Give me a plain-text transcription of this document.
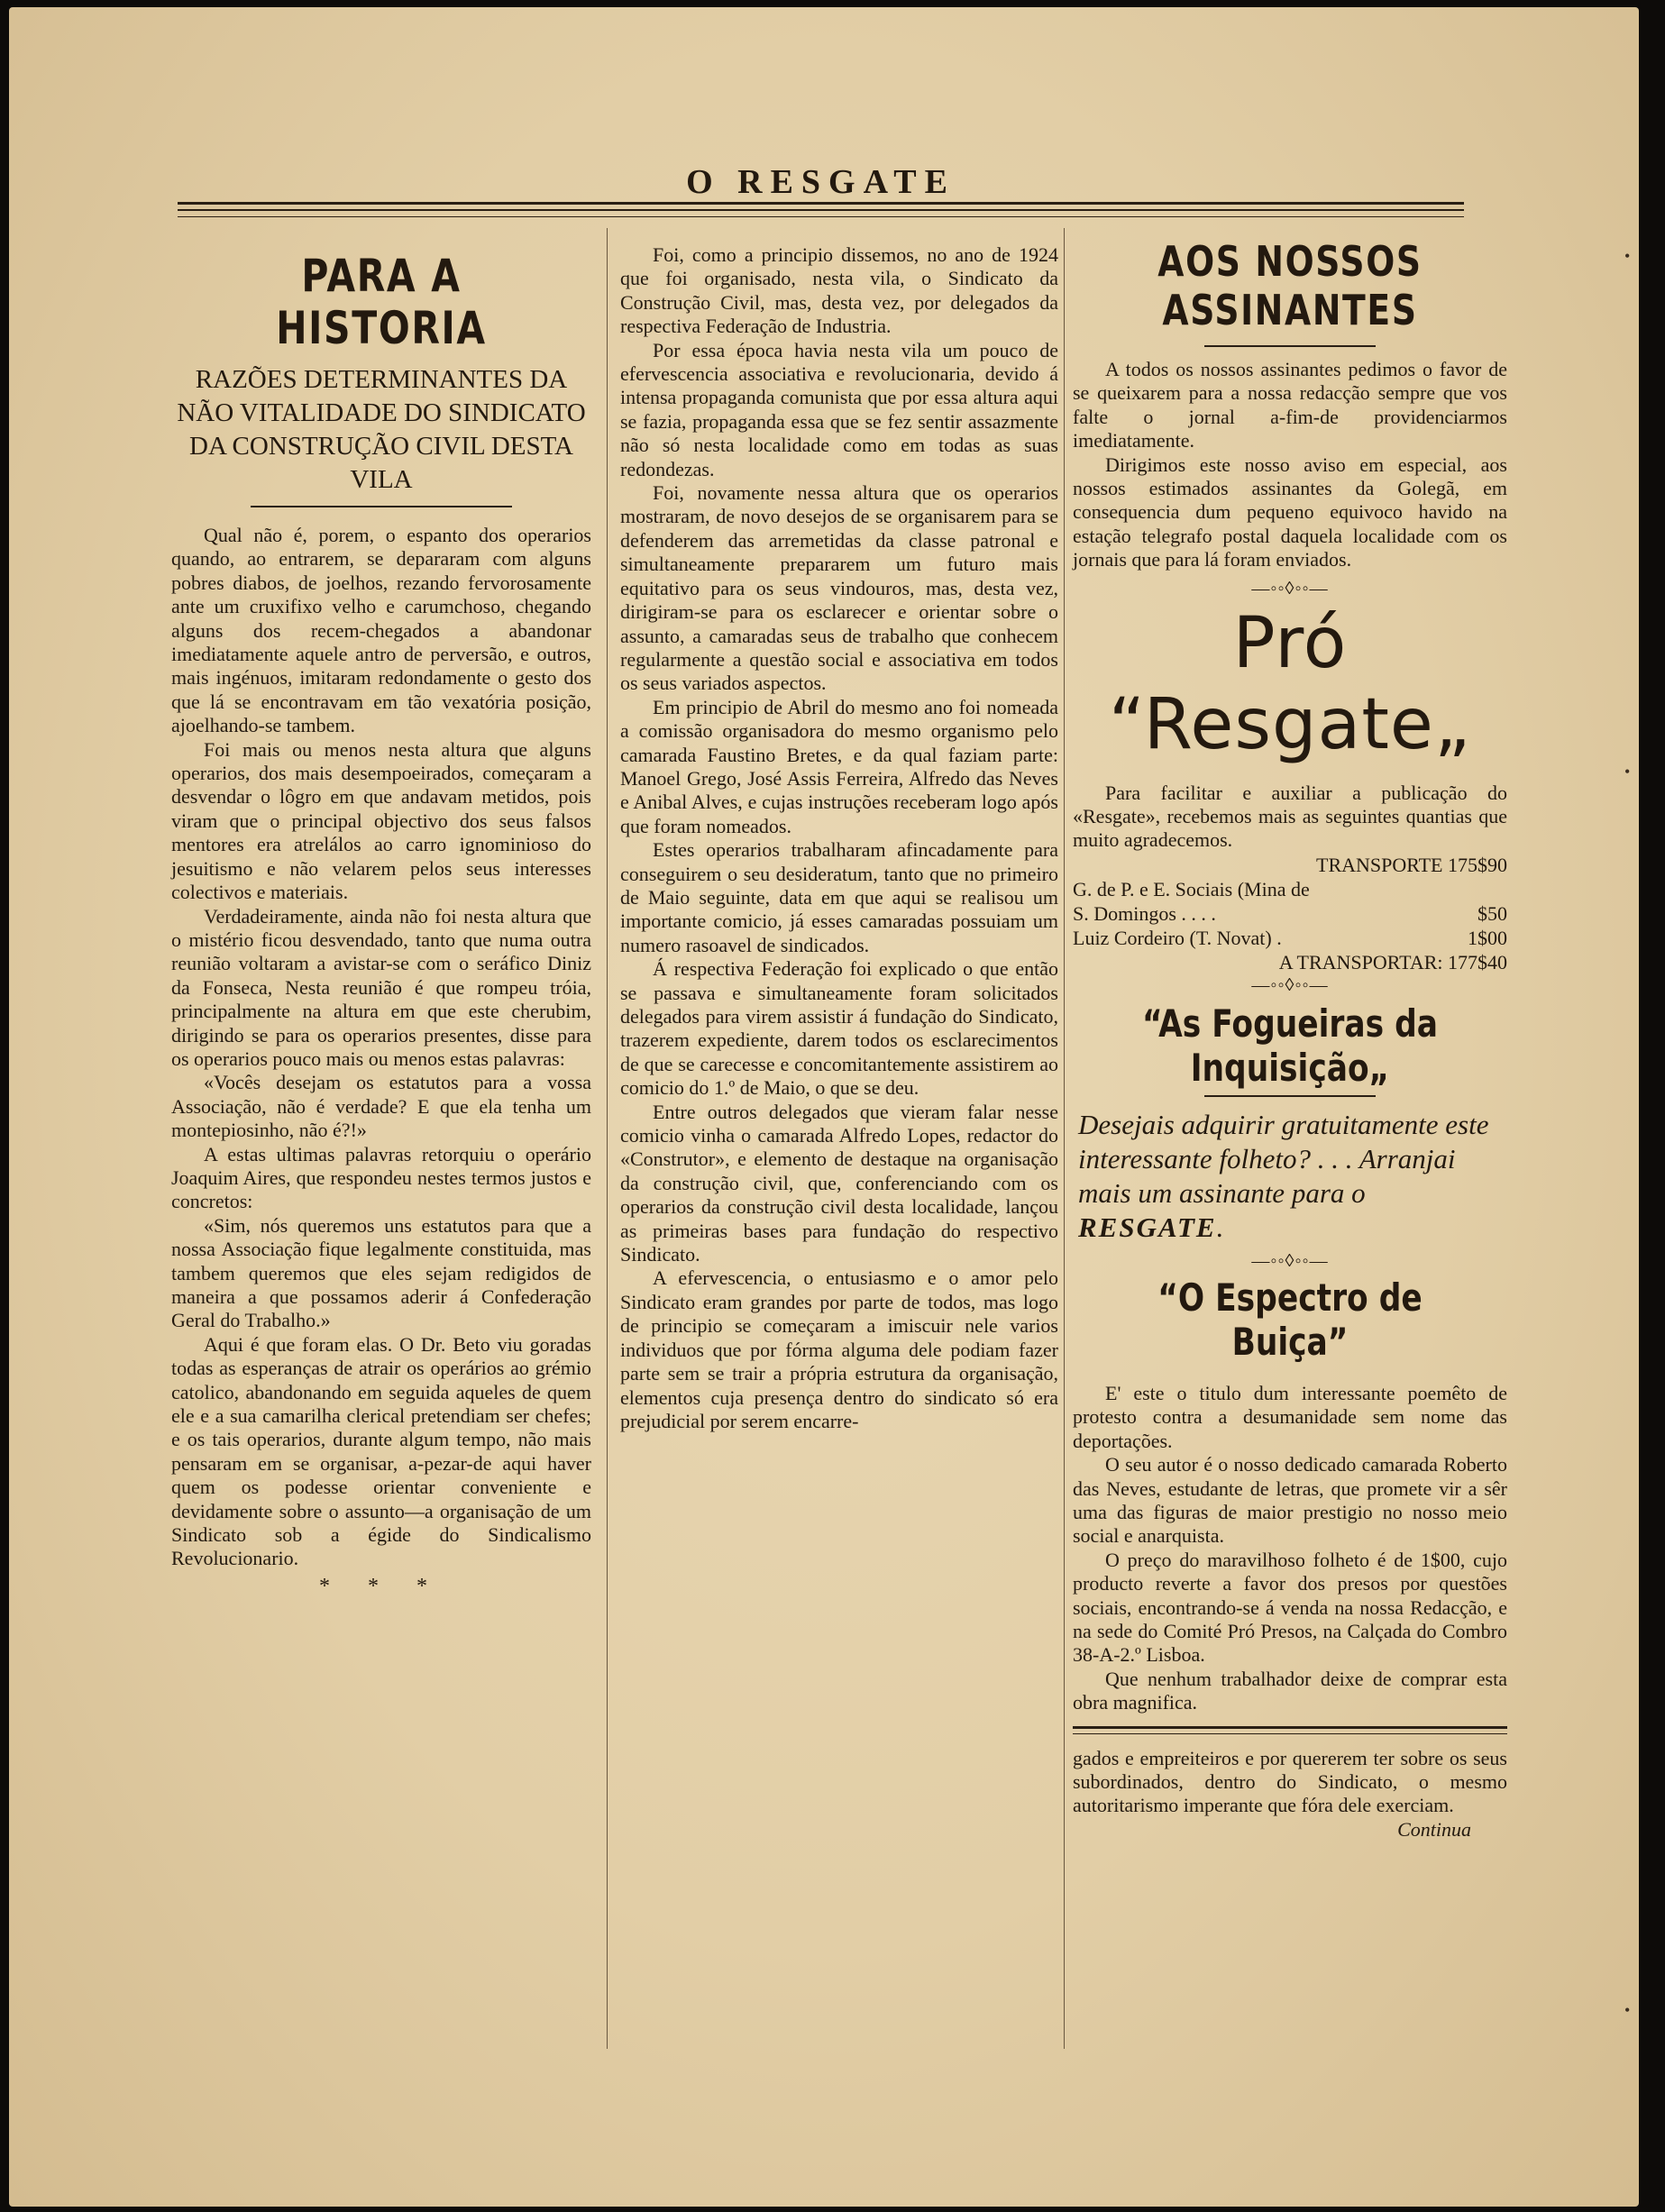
O RESGATE
PARA A HISTORIA
RAZÕES DETERMINANTES DA NÃO VITALIDADE DO SINDICATO DA CONSTRUÇÃO CIVIL DESTA VILA

Qual não é, porem, o espanto dos operarios quando, ao entrarem, se depararam com alguns pobres diabos, de joelhos, rezando fervorosamente ante um cruxifixo velho e carumchoso, chegando alguns dos recem-chegados a abandonar imediatamente aquele antro de perversão, e outros, mais ingénuos, imitaram redondamente o gesto dos que lá se encontravam em tão vexatória posição, ajoelhando-se tambem.

Foi mais ou menos nesta altura que alguns operarios, dos mais desempoeirados, começaram a desvendar o lôgro em que andavam metidos, pois viram que o principal objectivo dos seus falsos mentores era atrelálos ao carro ignominioso do jesuitismo e não velarem pelos seus interesses colectivos e materiais.

Verdadeiramente, ainda não foi nesta altura que o mistério ficou desvendado, tanto que numa outra reunião voltaram a avistar-se com o seráfico Diniz da Fonseca, Nesta reunião é que rompeu tróia, principalmente na altura em que este cherubim, dirigindo se para os operarios presentes, disse para os operarios pouco mais ou menos estas palavras:

«Vocês desejam os estatutos para a vossa Associação, não é verdade? E que ela tenha um montepiosinho, não é?!»

A estas ultimas palavras retorquiu o operário Joaquim Aires, que respondeu nestes termos justos e concretos:

«Sim, nós queremos uns estatutos para que a nossa Associação fique legalmente constituida, mas tambem queremos que eles sejam redigidos de maneira a que possamos aderir á Confederação Geral do Trabalho.»

Aqui é que foram elas. O Dr. Beto viu goradas todas as esperanças de atrair os operários ao grémio catolico, abandonando em seguida aqueles de quem ele e a sua camarilha clerical pretendiam ser chefes; e os tais operarios, durante algum tempo, não mais pensaram em se organisar, a-pezar-de aqui haver quem os podesse orientar conveniente e devidamente sobre o assunto—a organisação de um Sindicato sob a égide do Sindicalismo Revolucionario.

* * *

Foi, como a principio dissemos, no ano de 1924 que foi organisado, nesta vila, o Sindicato da Construção Civil, mas, desta vez, por delegados da respectiva Federação de Industria.

Por essa época havia nesta vila um pouco de efervescencia associativa e revolucionaria, devido á intensa propaganda comunista que por essa altura aqui se fazia, propaganda essa que se fez sentir assazmente não só nesta localidade como em todas as suas redondezas.

Foi, novamente nessa altura que os operarios mostraram, de novo desejos de se organisarem para se defenderem das arremetidas da classe patronal e simultaneamente prepararem um futuro mais equitativo para os seus vindouros, mas, desta vez, dirigiram-se para os esclarecer e orientar sobre o assunto, a camaradas seus de trabalho que conhecem regularmente a questão social e associativa em todos os seus variados aspectos.

Em principio de Abril do mesmo ano foi nomeada a comissão organisadora do mesmo organismo pelo camarada Faustino Bretes, e da qual faziam parte: Manoel Grego, José Assis Ferreira, Alfredo das Neves e Anibal Alves, e cujas instruções receberam logo após que foram nomeados.

Estes operarios trabalharam afincadamente para conseguirem o seu desideratum, tanto que no primeiro de Maio seguinte, data em que aqui se realisou um importante comicio, já esses camaradas possuiam um numero rasoavel de sindicados.

Á respectiva Federação foi explicado o que então se passava e simultaneamente foram solicitados delegados para virem assistir á fundação do Sindicato, trazerem expediente, darem todos os esclarecimentos de que se carecesse e concomitantemente assistirem ao comicio do 1.º de Maio, o que se deu.

Entre outros delegados que vieram falar nesse comicio vinha o camarada Alfredo Lopes, redactor do «Construtor», e elemento de destaque na organisação da construção civil, que, conferenciando com os operarios da construção civil desta localidade, lançou as primeiras bases para fundação do respectivo Sindicato.

A efervescencia, o entusiasmo e o amor pelo Sindicato eram grandes por parte de todos, mas logo de principio se começaram a imiscuir nele varios individuos que por fórma alguma dele podiam fazer parte sem se trair a própria estrutura da organisação, elementos cuja presença dentro do sindicato só era prejudicial por serem encarre-

AOS NOSSOS ASSINANTES

A todos os nossos assinantes pedimos o favor de se queixarem para a nossa redacção sempre que vos falte o jornal a-fim-de providenciarmos imediatamente.

Dirigimos este nosso aviso em especial, aos nossos estimados assinantes da Golegã, em consequencia dum pequeno equivoco havido na estação telegrafo postal daquela localidade com os jornais que para lá foram enviados.

—◦◦◊◦◦—
Pró “Resgate„

Para facilitar e auxiliar a publicação do «Resgate», recebemos mais as seguintes quantias que muito agradecemos.

TRANSPORTE 175$90
G. de P. e E. Sociais (Mina de
S. Domingos . . . .	$50
Luiz Cordeiro (T. Novat) .	1$00
A TRANSPORTAR: 177$40
—◦◦◊◦◦—
“As Fogueiras da Inquisição„
Desejais adquirir gratuitamente este interessante folheto? . . . Arranjai mais um assinante para o RESGATE.
—◦◦◊◦◦—
“O Espectro de Buiça”

E' este o titulo dum interessante poemêto de protesto contra a desumanidade sem nome das deportações.

O seu autor é o nosso dedicado camarada Roberto das Neves, estudante de letras, que promete vir a sêr uma das figuras de maior prestigio no nosso meio social e anarquista.

O preço do maravilhoso folheto é de 1$00, cujo producto reverte a favor dos presos por questões sociais, encontrando-se á venda na nossa Redacção, e na sede do Comité Pró Presos, na Calçada do Combro 38-A-2.º Lisboa.

Que nenhum trabalhador deixe de comprar esta obra magnifica.

gados e empreiteiros e por quererem ter sobre os seus subordinados, dentro do Sindicato, o mesmo autoritarismo imperante que fóra dele exerciam.

Continua
•
•
•
